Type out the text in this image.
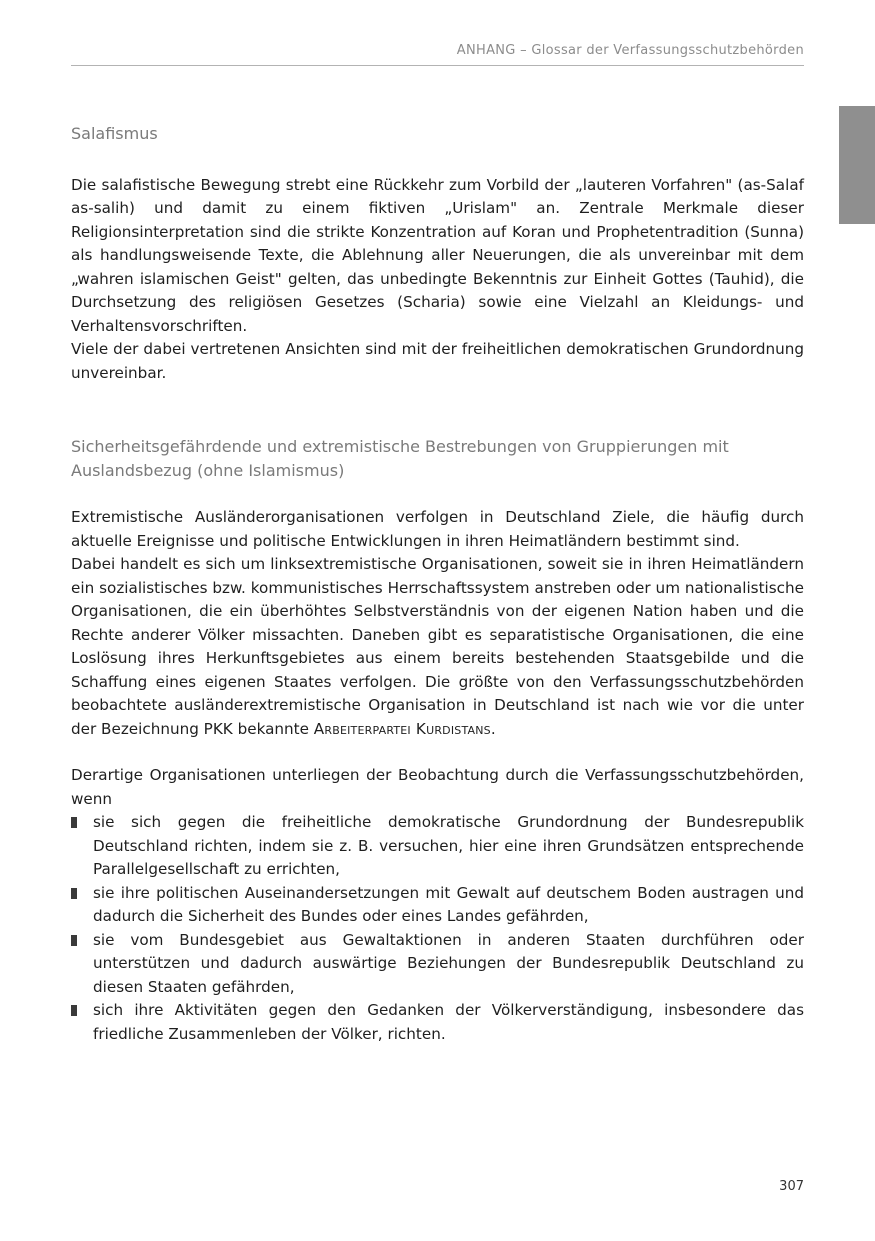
ANHANG – Glossar der Verfassungsschutzbehörden
Salafismus

Die salafistische Bewegung strebt eine Rückkehr zum Vorbild der „lauteren Vorfahren" (as-Salaf as-salih) und damit zu einem fiktiven „Urislam" an. Zentrale Merkmale dieser Religionsinterpretation sind die strikte Konzentration auf Koran und Prophetentradition (Sunna) als handlungsweisende Texte, die Ablehnung aller Neuerungen, die als unvereinbar mit dem „wahren islamischen Geist" gelten, das unbedingte Bekenntnis zur Einheit Gottes (Tauhid), die Durchsetzung des religiösen Gesetzes (Scharia) sowie eine Vielzahl an Kleidungs- und Verhaltensvorschriften.

Viele der dabei vertretenen Ansichten sind mit der freiheitlichen demokratischen Grundordnung unvereinbar.

Sicherheitsgefährdende und extremistische Bestrebungen von Gruppierungen mit Auslandsbezug (ohne Islamismus)

Extremistische Ausländerorganisationen verfolgen in Deutschland Ziele, die häufig durch aktuelle Ereignisse und politische Entwicklungen in ihren Heimatländern bestimmt sind.

Dabei handelt es sich um linksextremistische Organisationen, soweit sie in ihren Heimatländern ein sozialistisches bzw. kommunistisches Herrschaftssystem anstreben oder um nationalistische Organisationen, die ein überhöhtes Selbstverständnis von der eigenen Nation haben und die Rechte anderer Völker missachten. Daneben gibt es separatistische Organisationen, die eine Loslösung ihres Herkunftsgebietes aus einem bereits bestehenden Staatsgebilde und die Schaffung eines eigenen Staates verfolgen. Die größte von den Verfassungsschutzbehörden beobachtete ausländerextremistische Organisation in Deutschland ist nach wie vor die unter der Bezeichnung PKK bekannte Arbeiterpartei Kurdistans.

Derartige Organisationen unterliegen der Beobachtung durch die Verfassungsschutzbehörden, wenn

sie sich gegen die freiheitliche demokratische Grundordnung der Bundesrepublik Deutschland richten, indem sie z. B. versuchen, hier eine ihren Grundsätzen entsprechende Parallelgesellschaft zu errichten,
sie ihre politischen Auseinandersetzungen mit Gewalt auf deutschem Boden austragen und dadurch die Sicherheit des Bundes oder eines Landes gefährden,
sie vom Bundesgebiet aus Gewaltaktionen in anderen Staaten durchführen oder unterstützen und dadurch auswärtige Beziehungen der Bundesrepublik Deutschland zu diesen Staaten gefährden,
sich ihre Aktivitäten gegen den Gedanken der Völkerverständigung, insbesondere das friedliche Zusammenleben der Völker, richten.
307
